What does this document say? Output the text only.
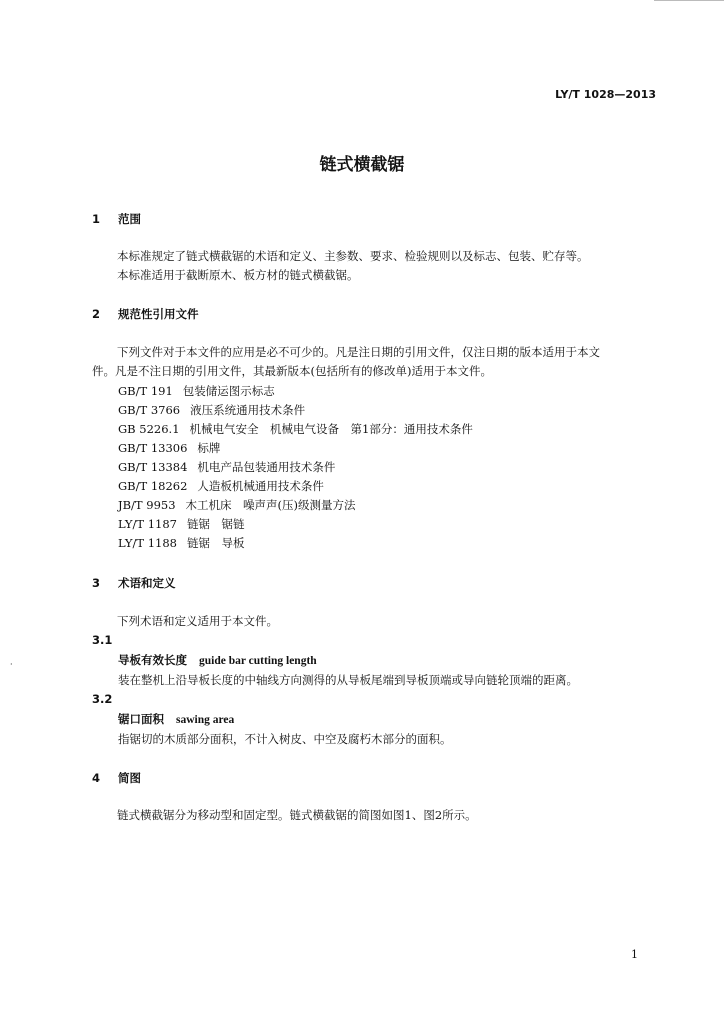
·
LY/T 1028—2013
链式横截锯
1 范围
本标准规定了链式横截锯的术语和定义、主参数、要求、检验规则以及标志、包装、贮存等。
本标准适用于截断原木、板方材的链式横截锯。
2 规范性引用文件
下列文件对于本文件的应用是必不可少的。凡是注日期的引用文件，仅注日期的版本适用于本文
件。凡是不注日期的引用文件，其最新版本(包括所有的修改单)适用于本文件。
GB/T 191 包装储运图示标志
GB/T 3766 液压系统通用技术条件
GB 5226.1 机械电气安全　机械电气设备　第1部分：通用技术条件
GB/T 13306 标牌
GB/T 13384 机电产品包装通用技术条件
GB/T 18262 人造板机械通用技术条件
JB/T 9953 木工机床　噪声声(压)级测量方法
LY/T 1187 链锯　锯链
LY/T 1188 链锯　导板
3 术语和定义
下列术语和定义适用于本文件。
3.1
导板有效长度 guide bar cutting length
装在整机上沿导板长度的中轴线方向测得的从导板尾端到导板顶端或导向链轮顶端的距离。
3.2
锯口面积 sawing area
指锯切的木质部分面积，不计入树皮、中空及腐朽木部分的面积。
4 简图
链式横截锯分为移动型和固定型。链式横截锯的简图如图1、图2所示。
1
